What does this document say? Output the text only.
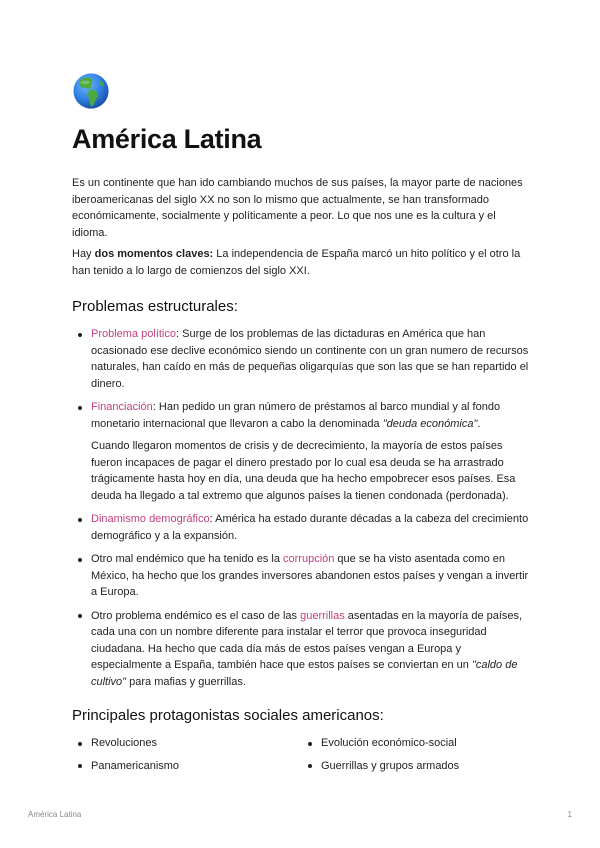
América Latina

Es un continente que han ido cambiando muchos de sus países, la mayor parte de naciones iberoamericanas del siglo XX no son lo mismo que actualmente, se han transformado económicamente, socialmente y políticamente a peor. Lo que nos une es la cultura y el idioma.

Hay dos momentos claves: La independencia de España marcó un hito político y el otro la han tenido a lo largo de comienzos del siglo XXI.

Problemas estructurales:
Problema político: Surge de los problemas de las dictaduras en América que han ocasionado ese declive económico siendo un continente con un gran numero de recursos naturales, han caído en más de pequeñas oligarquías que son las que se han repartido el dinero.
Financiación: Han pedido un gran número de préstamos al barco mundial y al fondo monetario internacional que llevaron a cabo la denominada "deuda económica".
Cuando llegaron momentos de crisis y de decrecimiento, la mayoría de estos países fueron incapaces de pagar el dinero prestado por lo cual esa deuda se ha arrastrado trágicamente hasta hoy en día, una deuda que ha hecho empobrecer esos países. Esa deuda ha llegado a tal extremo que algunos países la tienen condonada (perdonada).
Dinamismo demográfico: América ha estado durante décadas a la cabeza del crecimiento demográfico y a la expansión.
Otro mal endémico que ha tenido es la corrupción que se ha visto asentada como en México, ha hecho que los grandes inversores abandonen estos países y vengan a invertir a Europa.
Otro problema endémico es el caso de las guerrillas asentadas en la mayoría de países, cada una con un nombre diferente para instalar el terror que provoca inseguridad ciudadana. Ha hecho que cada día más de estos países vengan a Europa y especialmente a España, también hace que estos países se conviertan en un "caldo de cultivo" para mafias y guerrillas.
Principales protagonistas sociales americanos:
Revoluciones
Panamericanismo
Evolución económico-social
Guerrillas y grupos armados
América Latina	1
